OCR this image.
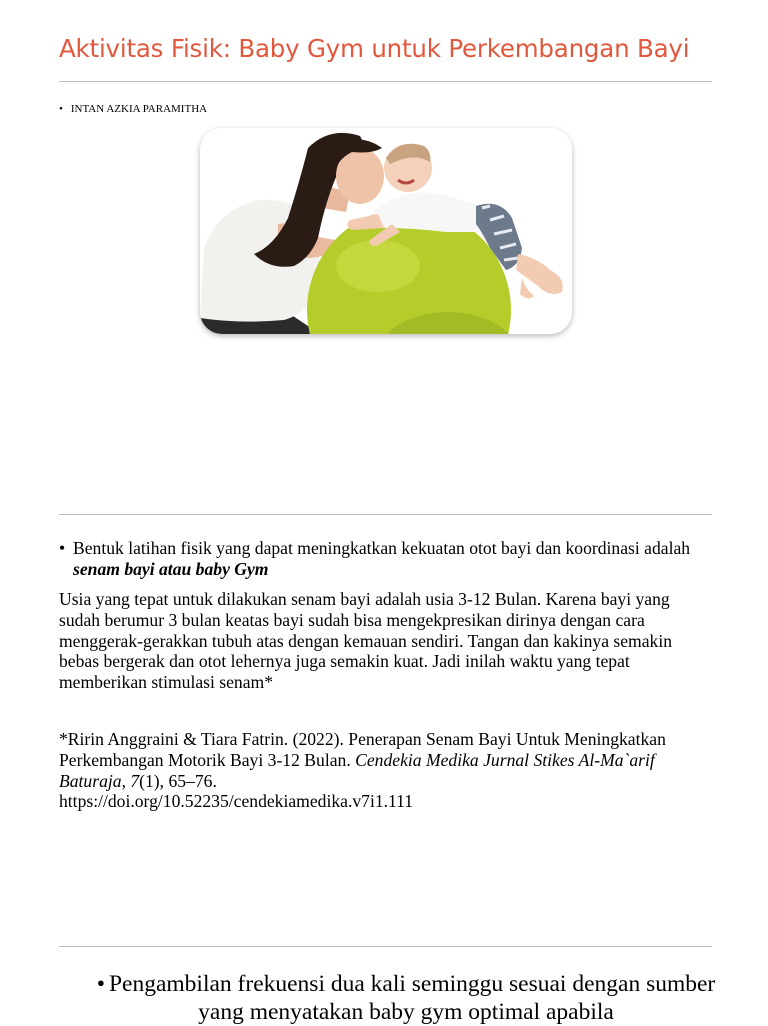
Aktivitas Fisik: Baby Gym untuk Perkembangan Bayi
• INTAN AZKIA PARAMITHA
• Bentuk latihan fisik yang dapat meningkatkan kekuatan otot bayi dan koordinasi adalah senam bayi atau baby Gym

Usia yang tepat untuk dilakukan senam bayi adalah usia 3-12 Bulan. Karena bayi yang sudah berumur 3 bulan keatas bayi sudah bisa mengekpresikan dirinya dengan cara menggerak-gerakkan tubuh atas dengan kemauan sendiri. Tangan dan kakinya semakin bebas bergerak dan otot lehernya juga semakin kuat. Jadi inilah waktu yang tepat memberikan stimulasi senam*

*Ririn Anggraini & Tiara Fatrin. (2022). Penerapan Senam Bayi Untuk Meningkatkan Perkembangan Motorik Bayi 3-12 Bulan. Cendekia Medika Jurnal Stikes Al-Ma`arif Baturaja, 7(1), 65–76.
https://doi.org/10.52235/cendekiamedika.v7i1.111

• Pengambilan frekuensi dua kali seminggu sesuai dengan sumber yang menyatakan baby gym optimal apabila
